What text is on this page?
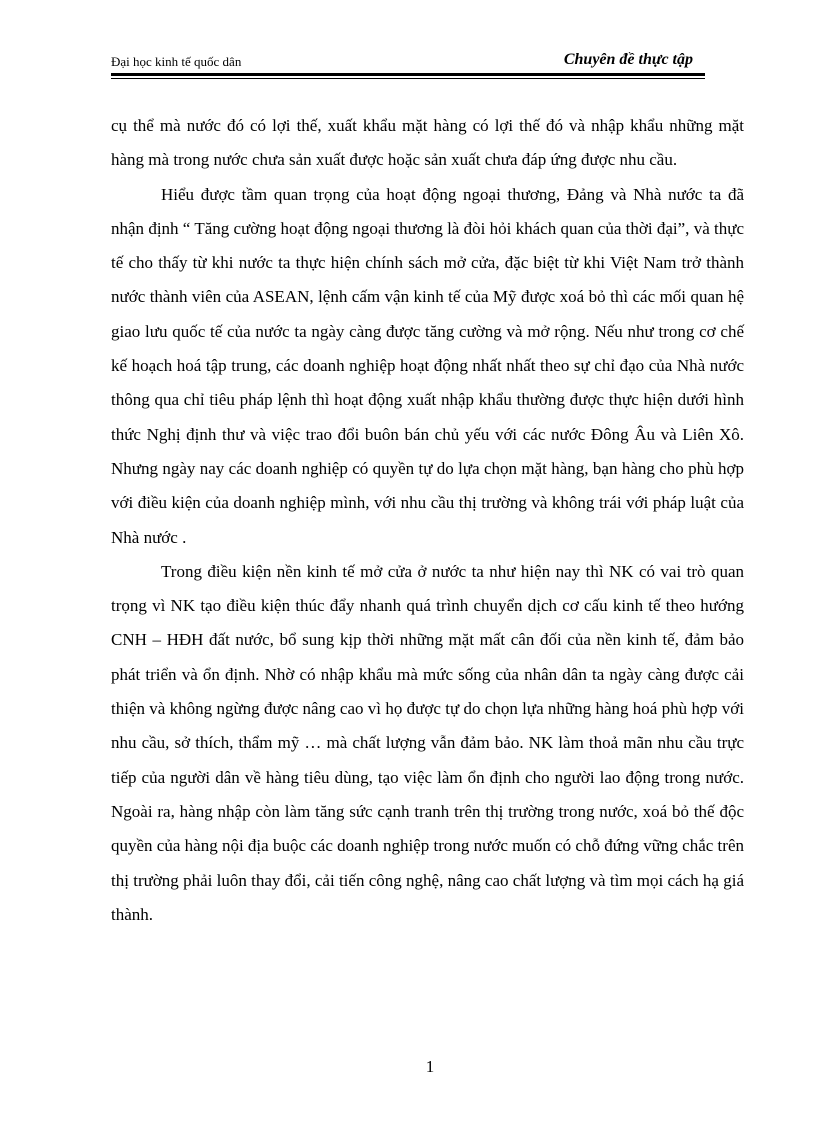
Đại học kinh tế quốc dân	Chuyên đề thực tập

cụ thể mà nước đó có lợi thế, xuất khẩu mặt hàng có lợi thế đó và nhập khẩu những mặt hàng mà trong nước chưa sản xuất được hoặc sản xuất chưa đáp ứng được nhu cầu.

Hiểu được tầm quan trọng của hoạt động ngoại thương, Đảng và Nhà nước ta đã nhận định “ Tăng cường hoạt động ngoại thương là đòi hỏi khách quan của thời đại”, và thực tế cho thấy từ khi nước ta thực hiện chính sách mở cửa, đặc biệt từ khi Việt Nam trở thành nước thành viên của ASEAN, lệnh cấm vận kinh tế của Mỹ được xoá bỏ thì các mối quan hệ giao lưu quốc tế của nước ta ngày càng được tăng cường và mở rộng. Nếu như trong cơ chế kế hoạch hoá tập trung, các doanh nghiệp hoạt động nhất nhất theo sự chỉ đạo của Nhà nước thông qua chỉ tiêu pháp lệnh thì hoạt động xuất nhập khẩu thường được thực hiện dưới hình thức Nghị định thư và việc trao đổi buôn bán chủ yếu với các nước Đông Âu và Liên Xô. Nhưng ngày nay các doanh nghiệp có quyền tự do lựa chọn mặt hàng, bạn hàng cho phù hợp với điều kiện của doanh nghiệp mình, với nhu cầu thị trường và không trái với pháp luật của Nhà nước .

Trong điều kiện nền kinh tế mở cửa ở nước ta như hiện nay thì NK có vai trò quan trọng vì NK tạo điều kiện thúc đẩy nhanh quá trình chuyển dịch cơ cấu kinh tế theo hướng CNH – HĐH đất nước, bổ sung kịp thời những mặt mất cân đối của nền kinh tế, đảm bảo phát triển và ổn định. Nhờ có nhập khẩu mà mức sống của nhân dân ta ngày càng được cải thiện và không ngừng được nâng cao vì họ được tự do chọn lựa những hàng hoá phù hợp với nhu cầu, sở thích, thẩm mỹ … mà chất lượng vẫn đảm bảo. NK làm thoả mãn nhu cầu trực tiếp của người dân về hàng tiêu dùng, tạo việc làm ổn định cho người lao động trong nước. Ngoài ra, hàng nhập còn làm tăng sức cạnh tranh trên thị trường trong nước, xoá bỏ thế độc quyền của hàng nội địa buộc các doanh nghiệp trong nước muốn có chỗ đứng vững chắc trên thị trường phải luôn thay đổi, cải tiến công nghệ, nâng cao chất lượng và tìm mọi cách hạ giá thành.

1
